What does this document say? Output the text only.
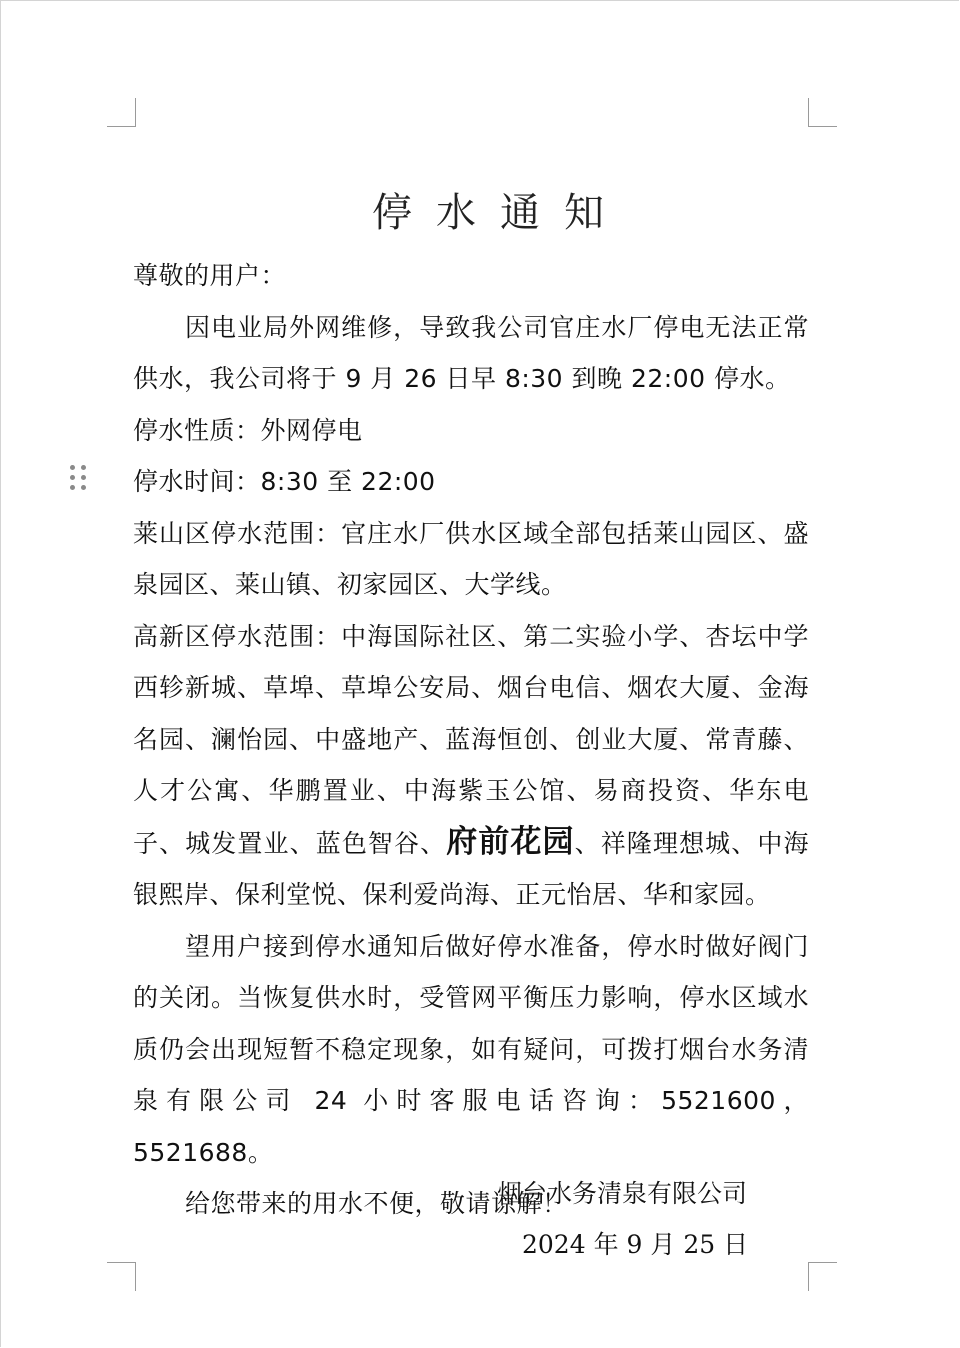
停水通知

尊敬的用户：

因电业局外网维修，导致我公司官庄水厂停电无法正常供水，我公司将于 9 月 26 日早 8:30 到晚 22:00 停水。

停水性质：外网停电

停水时间：8:30 至 22:00

莱山区停水范围：官庄水厂供水区域全部包括莱山园区、盛泉园区、莱山镇、初家园区、大学线。

高新区停水范围：中海国际社区、第二实验小学、杏坛中学西轸新城、草埠、草埠公安局、烟台电信、烟农大厦、金海名园、澜怡园、中盛地产、蓝海恒创、创业大厦、常青藤、人才公寓、华鹏置业、中海紫玉公馆、易商投资、华东电子、城发置业、蓝色智谷、府前花园、祥隆理想城、中海银熙岸、保利堂悦、保利爱尚海、正元怡居、华和家园。

望用户接到停水通知后做好停水准备，停水时做好阀门的关闭。当恢复供水时，受管网平衡压力影响，停水区域水质仍会出现短暂不稳定现象，如有疑问，可拨打烟台水务清泉有限公司 24 小时客服电话咨询：5521600，5521688。

给您带来的用水不便，敬请谅解！

烟台水务清泉有限公司
2024 年 9 月 25 日
